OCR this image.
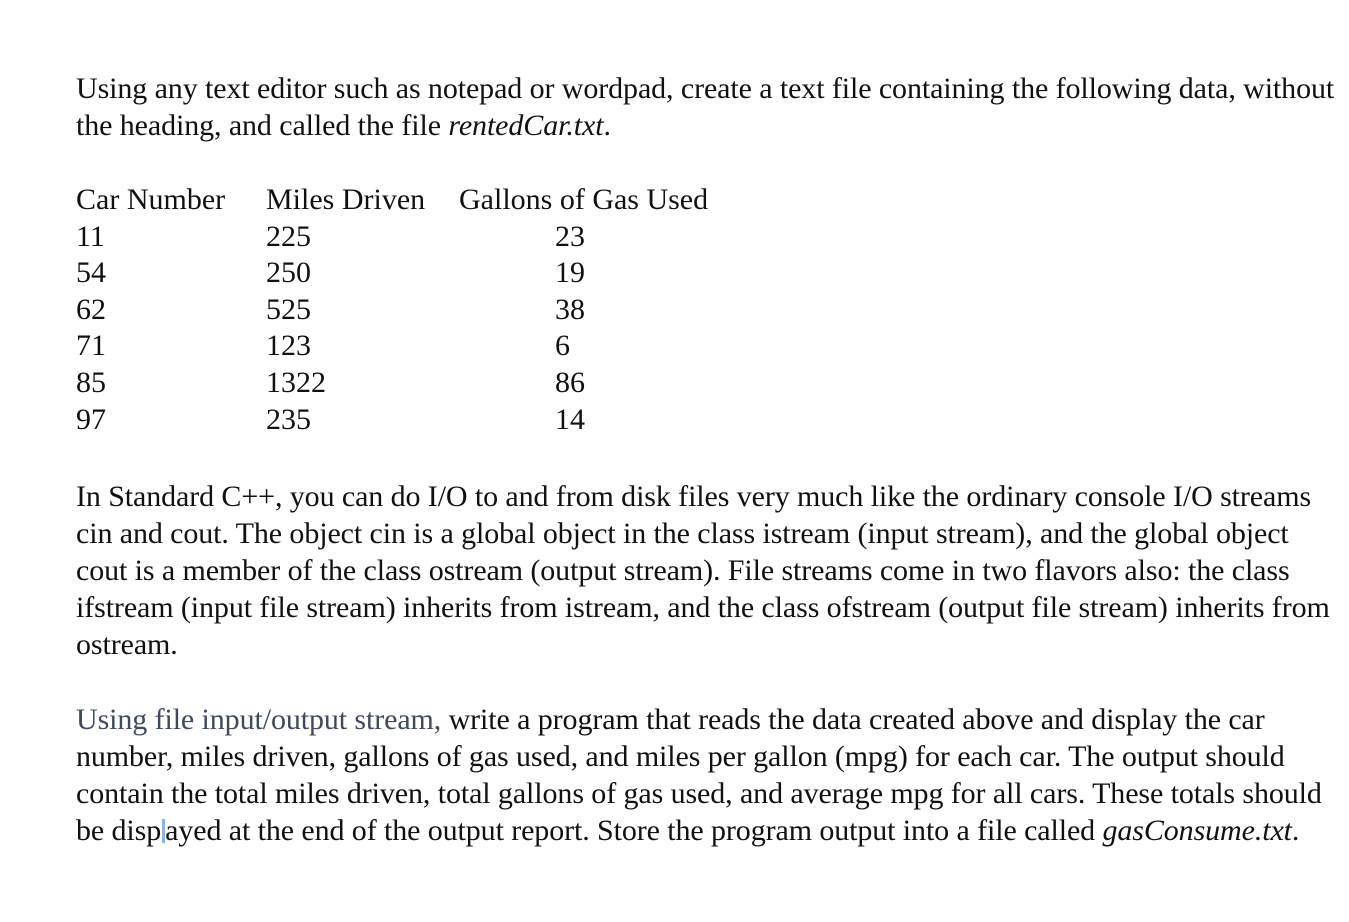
Using any text editor such as notepad or wordpad, create a text file containing the following data, without the heading, and called the file rentedCar.txt.

Car Number	Miles Driven	Gallons of Gas Used
11	225	23
54	250	19
62	525	38
71	123	6
85	1322	86
97	235	14

In Standard C++, you can do I/O to and from disk files very much like the ordinary console I/O streams cin and cout. The object cin is a global object in the class istream (input stream), and the global object cout is a member of the class ostream (output stream). File streams come in two flavors also: the class ifstream (input file stream) inherits from istream, and the class ofstream (output file stream) inherits from ostream.

Using file input/output stream, write a program that reads the data created above and display the car number, miles driven, gallons of gas used, and miles per gallon (mpg) for each car. The output should contain the total miles driven, total gallons of gas used, and average mpg for all cars. These totals should be disp ayed at the end of the output report. Store the program output into a file called gasConsume.txt.
